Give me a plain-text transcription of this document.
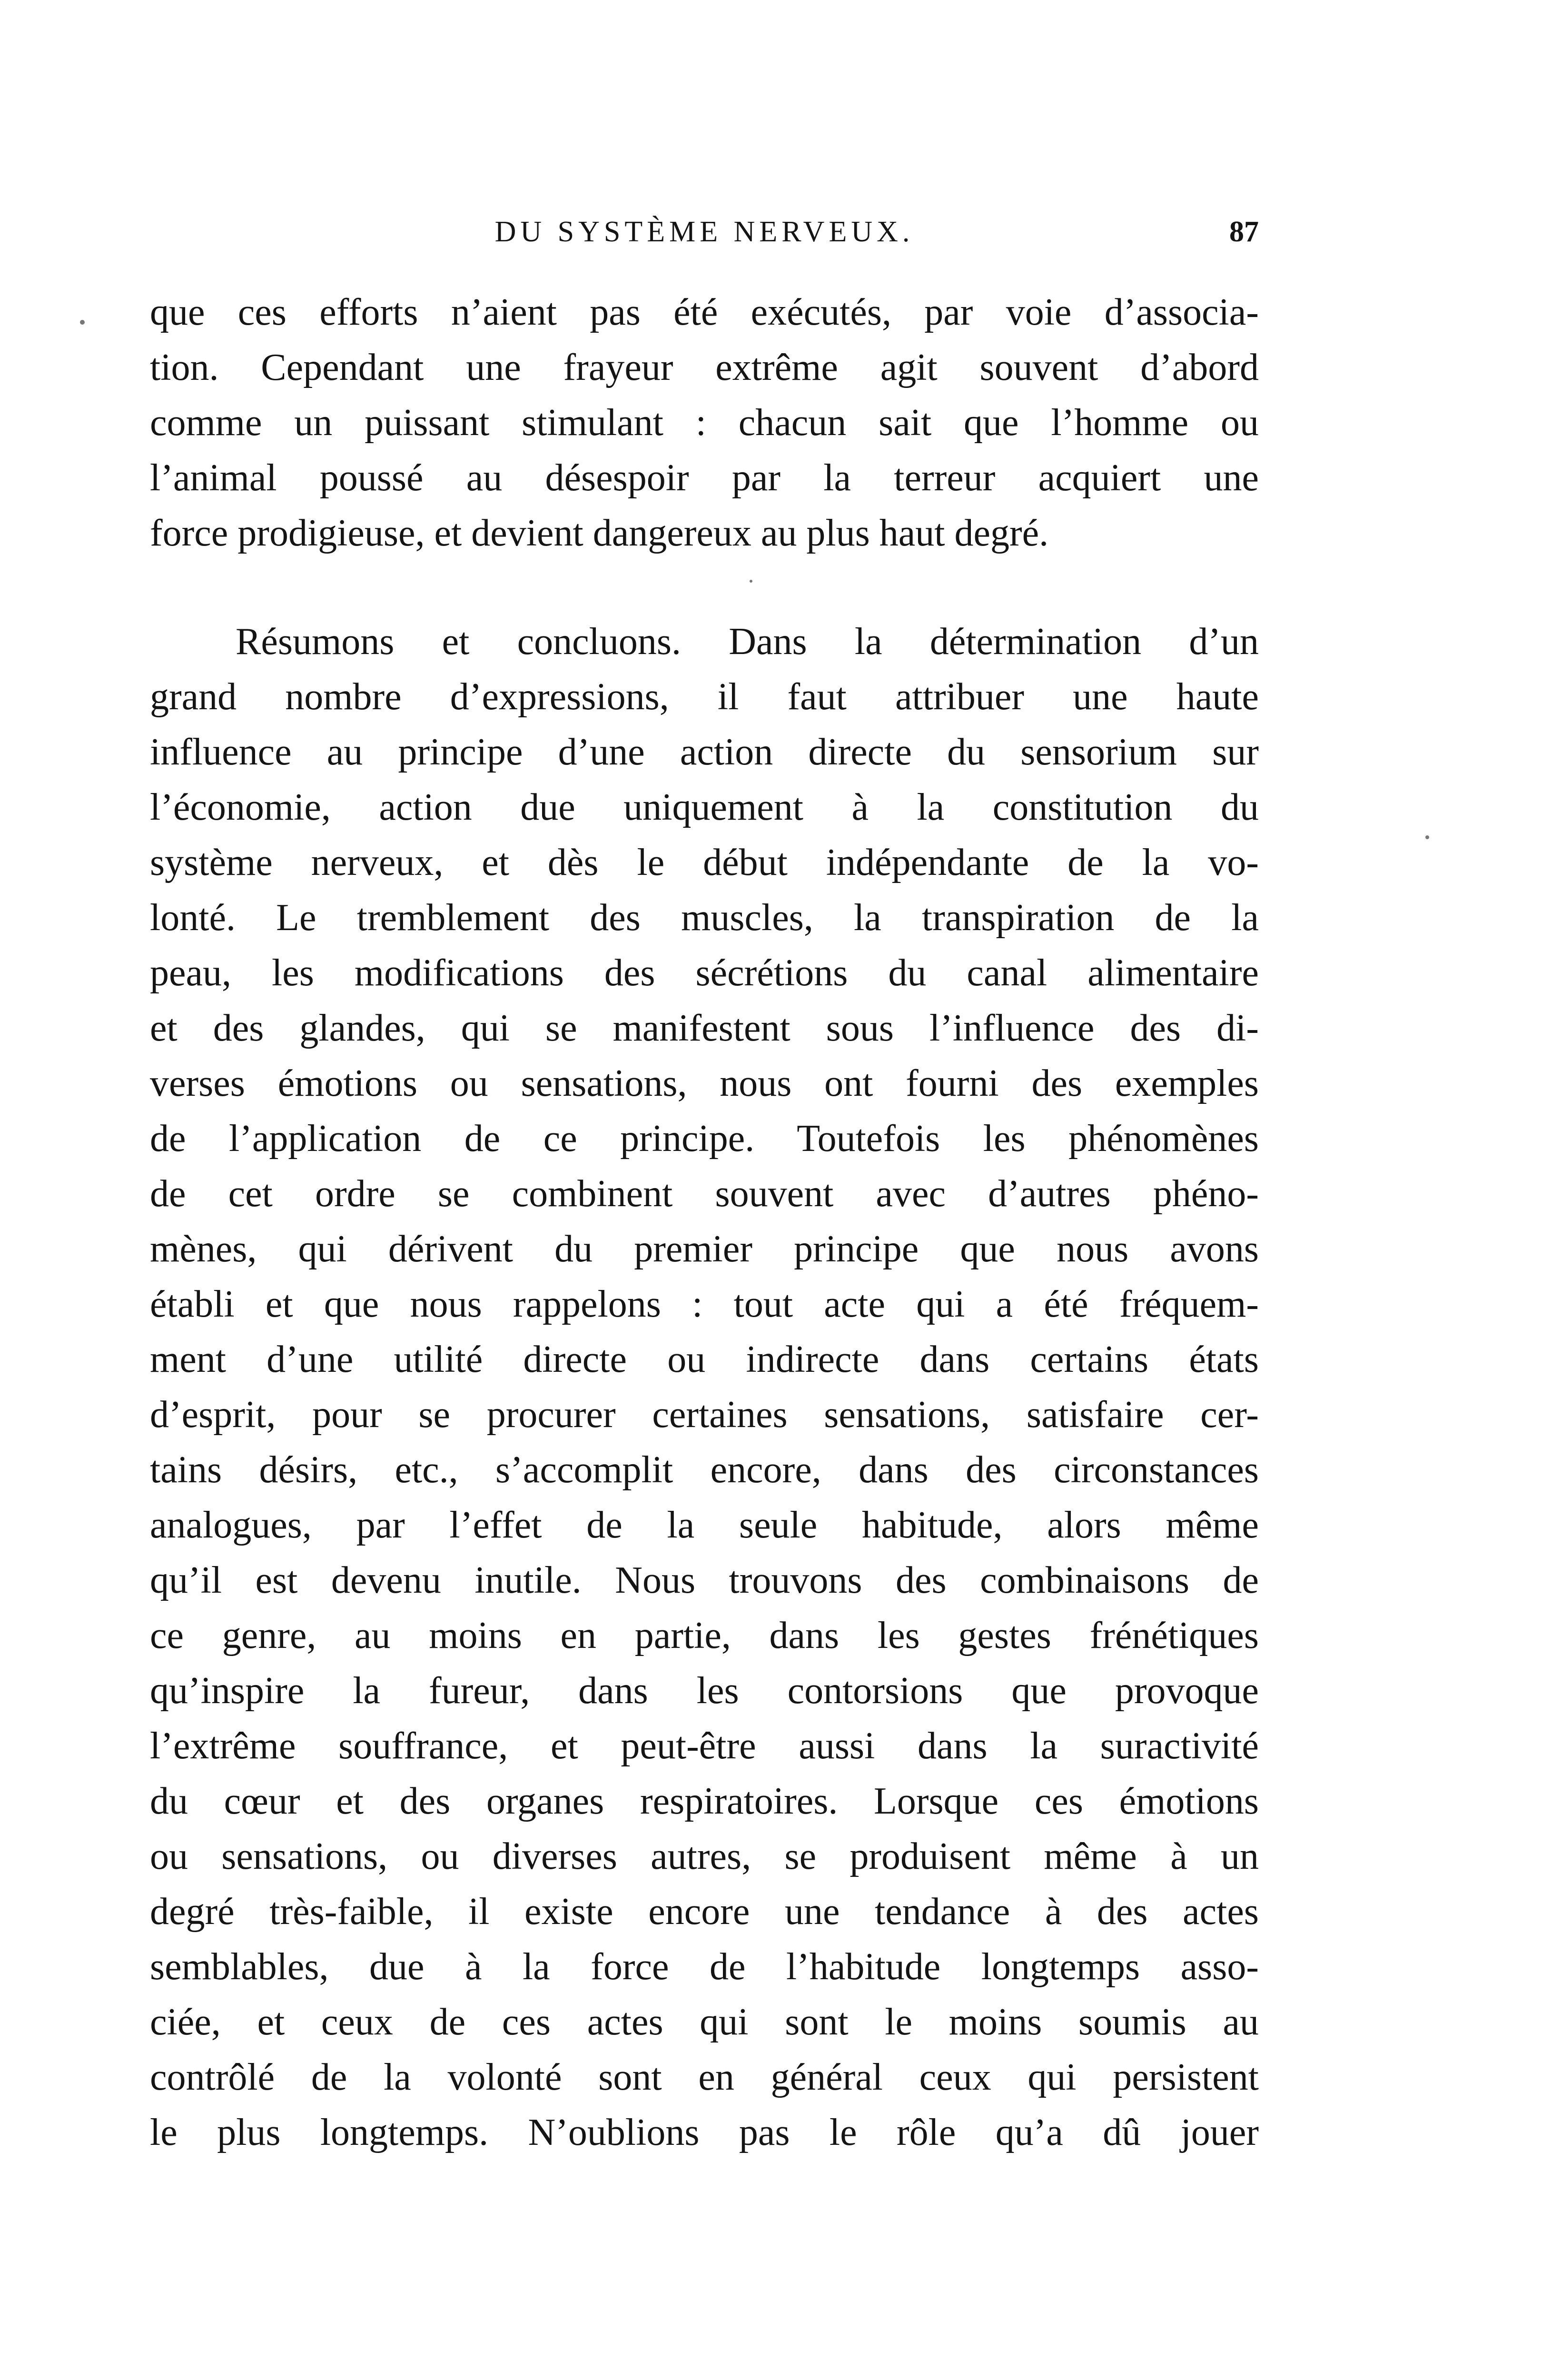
DU SYSTÈME NERVEUX.	87
que ces efforts n’aient pas été exécutés, par voie d’associa-
tion. Cependant une frayeur extrême agit souvent d’abord
comme un puissant stimulant : chacun sait que l’homme ou
l’animal poussé au désespoir par la terreur acquiert une
force prodigieuse, et devient dangereux au plus haut degré.
Résumons et concluons. Dans la détermination d’un
grand nombre d’expressions, il faut attribuer une haute
influence au principe d’une action directe du sensorium sur
l’économie, action due uniquement à la constitution du
système nerveux, et dès le début indépendante de la vo-
lonté. Le tremblement des muscles, la transpiration de la
peau, les modifications des sécrétions du canal alimentaire
et des glandes, qui se manifestent sous l’influence des di-
verses émotions ou sensations, nous ont fourni des exemples
de l’application de ce principe. Toutefois les phénomènes
de cet ordre se combinent souvent avec d’autres phéno-
mènes, qui dérivent du premier principe que nous avons
établi et que nous rappelons : tout acte qui a été fréquem-
ment d’une utilité directe ou indirecte dans certains états
d’esprit, pour se procurer certaines sensations, satisfaire cer-
tains désirs, etc., s’accomplit encore, dans des circonstances
analogues, par l’effet de la seule habitude, alors même
qu’il est devenu inutile. Nous trouvons des combinaisons de
ce genre, au moins en partie, dans les gestes frénétiques
qu’inspire la fureur, dans les contorsions que provoque
l’extrême souffrance, et peut-être aussi dans la suractivité
du cœur et des organes respiratoires. Lorsque ces émotions
ou sensations, ou diverses autres, se produisent même à un
degré très-faible, il existe encore une tendance à des actes
semblables, due à la force de l’habitude longtemps asso-
ciée, et ceux de ces actes qui sont le moins soumis au
contrôlé de la volonté sont en général ceux qui persistent
le plus longtemps. N’oublions pas le rôle qu’a dû jouer
